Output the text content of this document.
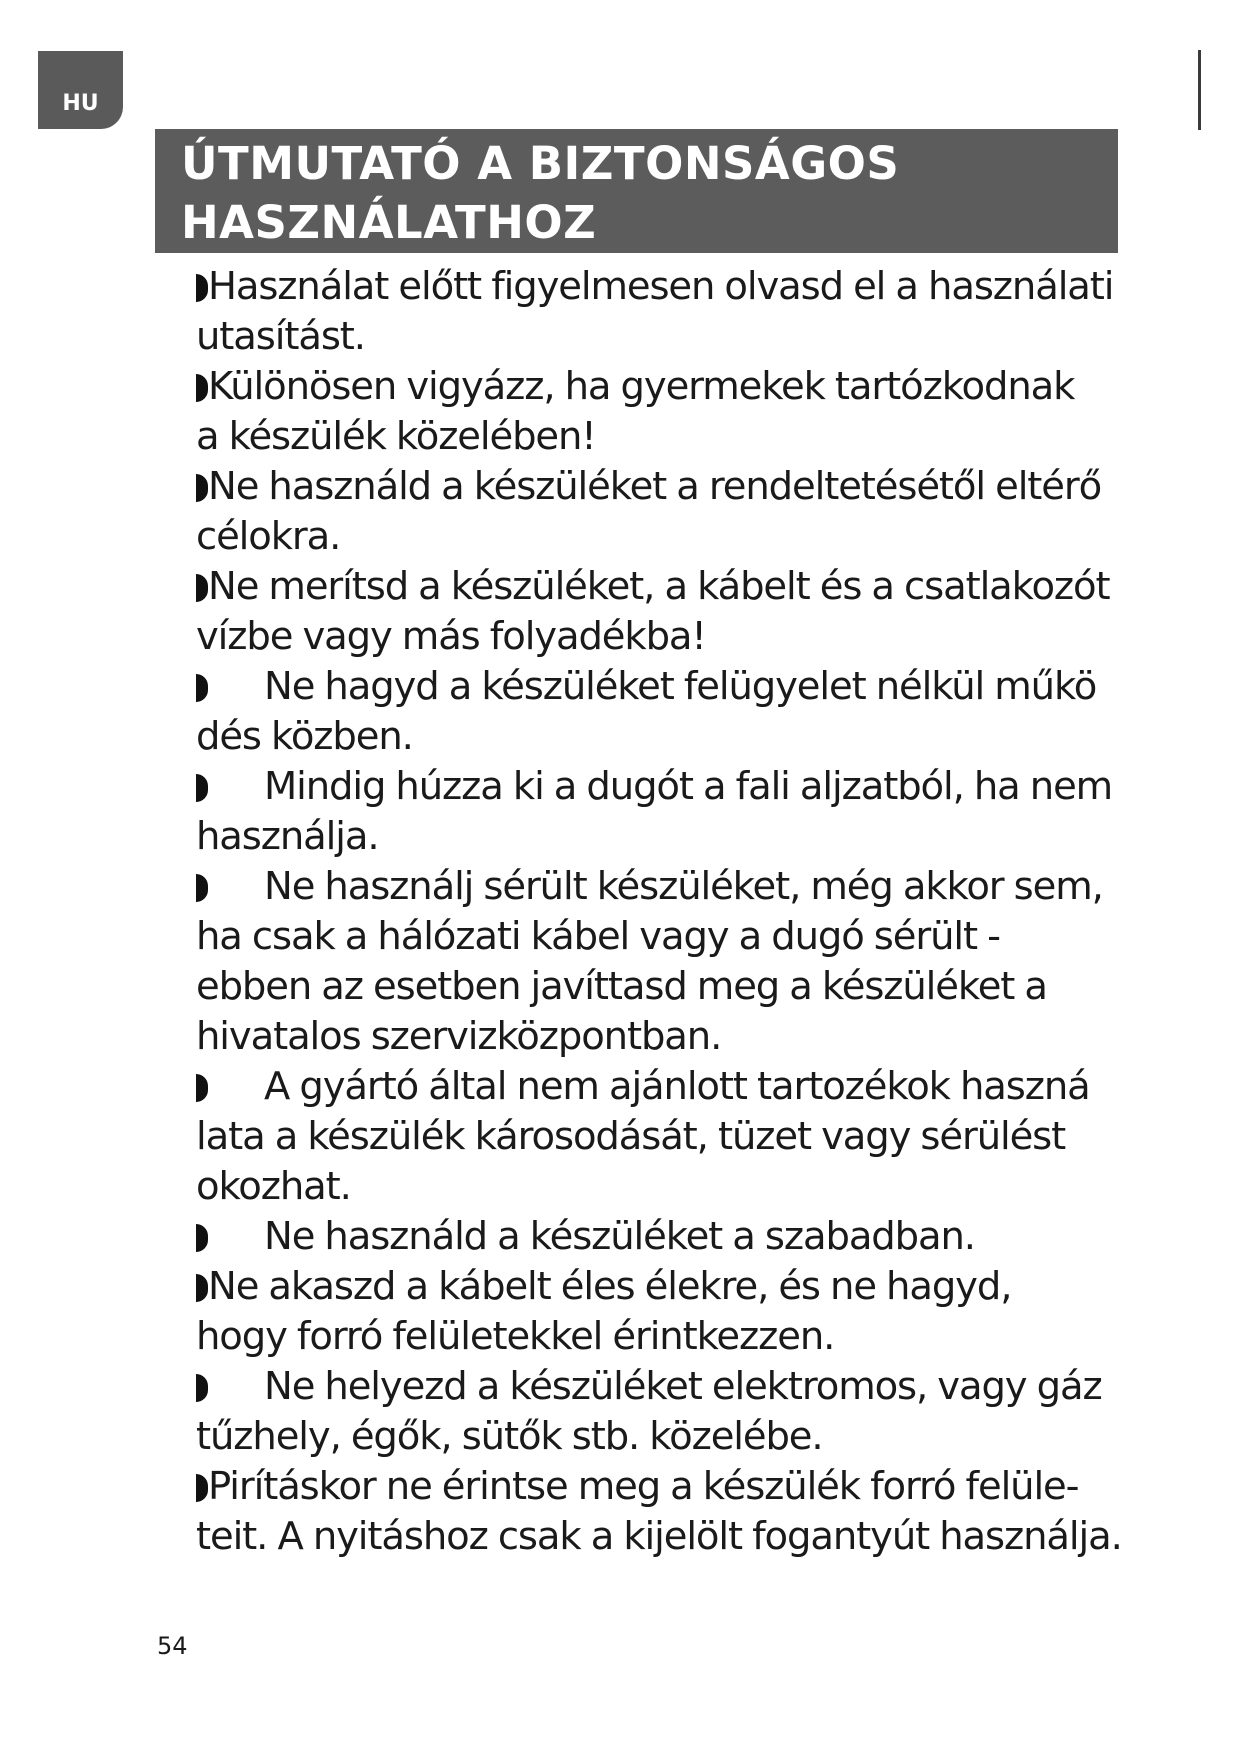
HU
ÚTMUTATÓ A BIZTONSÁGOS
HASZNÁLATHOZ
Használat előtt figyelmesen olvasd el a használati
utasítást.
Különösen vigyázz, ha gyermekek tartózkodnak
a készülék közelében!
Ne használd a készüléket a rendeltetésétől eltérő
célokra.
Ne merítsd a készüléket, a kábelt és a csatlakozót
vízbe vagy más folyadékba!
Ne hagyd a készüléket felügyelet nélkül műkö
dés közben.
Mindig húzza ki a dugót a fali aljzatból, ha nem
használja.
Ne használj sérült készüléket, még akkor sem,
ha csak a hálózati kábel vagy a dugó sérült -
ebben az esetben javíttasd meg a készüléket a
hivatalos szervizközpontban.
A gyártó által nem ajánlott tartozékok haszná
lata a készülék károsodását, tüzet vagy sérülést
okozhat.
Ne használd a készüléket a szabadban.
Ne akaszd a kábelt éles élekre, és ne hagyd,
hogy forró felületekkel érintkezzen.
Ne helyezd a készüléket elektromos, vagy gáz
tűzhely, égők, sütők stb. közelébe.
Pirításkor ne érintse meg a készülék forró felüle-
teit. A nyitáshoz csak a kijelölt fogantyút használja.
54
